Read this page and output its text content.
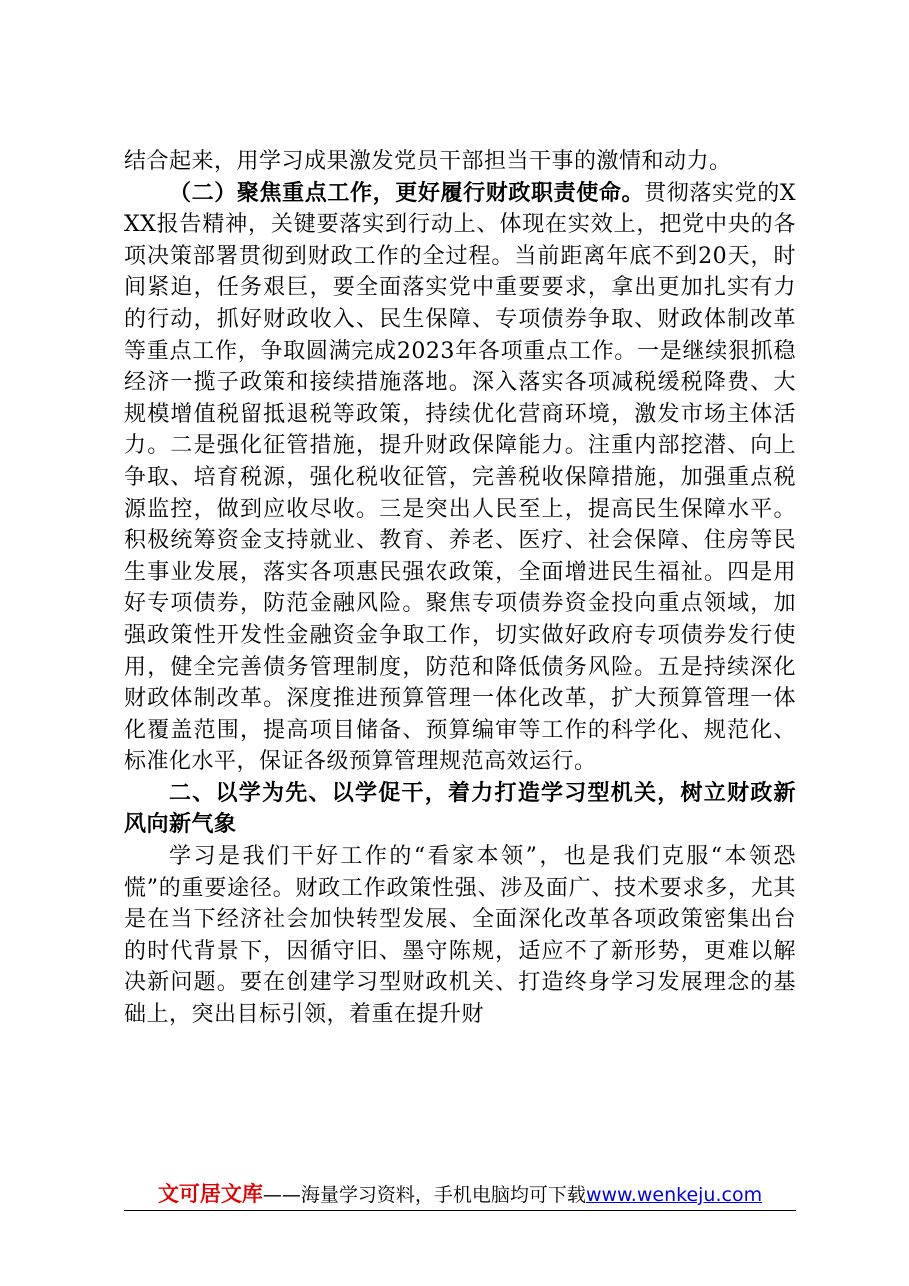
结合起来，用学习成果激发党员干部担当干事的激情和动力。

（二）聚焦重点工作，更好履行财政职责使命。贯彻落实党的XXX报告精神，关键要落实到行动上、体现在实效上，把党中央的各项决策部署贯彻到财政工作的全过程。当前距离年底不到20天，时间紧迫，任务艰巨，要全面落实党中重要要求，拿出更加扎实有力的行动，抓好财政收入、民生保障、专项债券争取、财政体制改革等重点工作，争取圆满完成2023年各项重点工作。一是继续狠抓稳经济一揽子政策和接续措施落地。深入落实各项减税缓税降费、大规模增值税留抵退税等政策，持续优化营商环境，激发市场主体活力。二是强化征管措施，提升财政保障能力。注重内部挖潜、向上争取、培育税源，强化税收征管，完善税收保障措施，加强重点税源监控，做到应收尽收。三是突出人民至上，提高民生保障水平。积极统筹资金支持就业、教育、养老、医疗、社会保障、住房等民生事业发展，落实各项惠民强农政策，全面增进民生福祉。四是用好专项债券，防范金融风险。聚焦专项债券资金投向重点领域，加强政策性开发性金融资金争取工作，切实做好政府专项债券发行使用，健全完善债务管理制度，防范和降低债务风险。五是持续深化财政体制改革。深度推进预算管理一体化改革，扩大预算管理一体化覆盖范围，提高项目储备、预算编审等工作的科学化、规范化、标准化水平，保证各级预算管理规范高效运行。

二、以学为先、以学促干，着力打造学习型机关，树立财政新风向新气象

学习是我们干好工作的“看家本领”，也是我们克服“本领恐慌”的重要途径。财政工作政策性强、涉及面广、技术要求多，尤其是在当下经济社会加快转型发展、全面深化改革各项政策密集出台的时代背景下，因循守旧、墨守陈规，适应不了新形势，更难以解决新问题。要在创建学习型财政机关、打造终身学习发展理念的基础上，突出目标引领，着重在提升财

文可居文库——海量学习资料，手机电脑均可下载www.wenkeju.com
